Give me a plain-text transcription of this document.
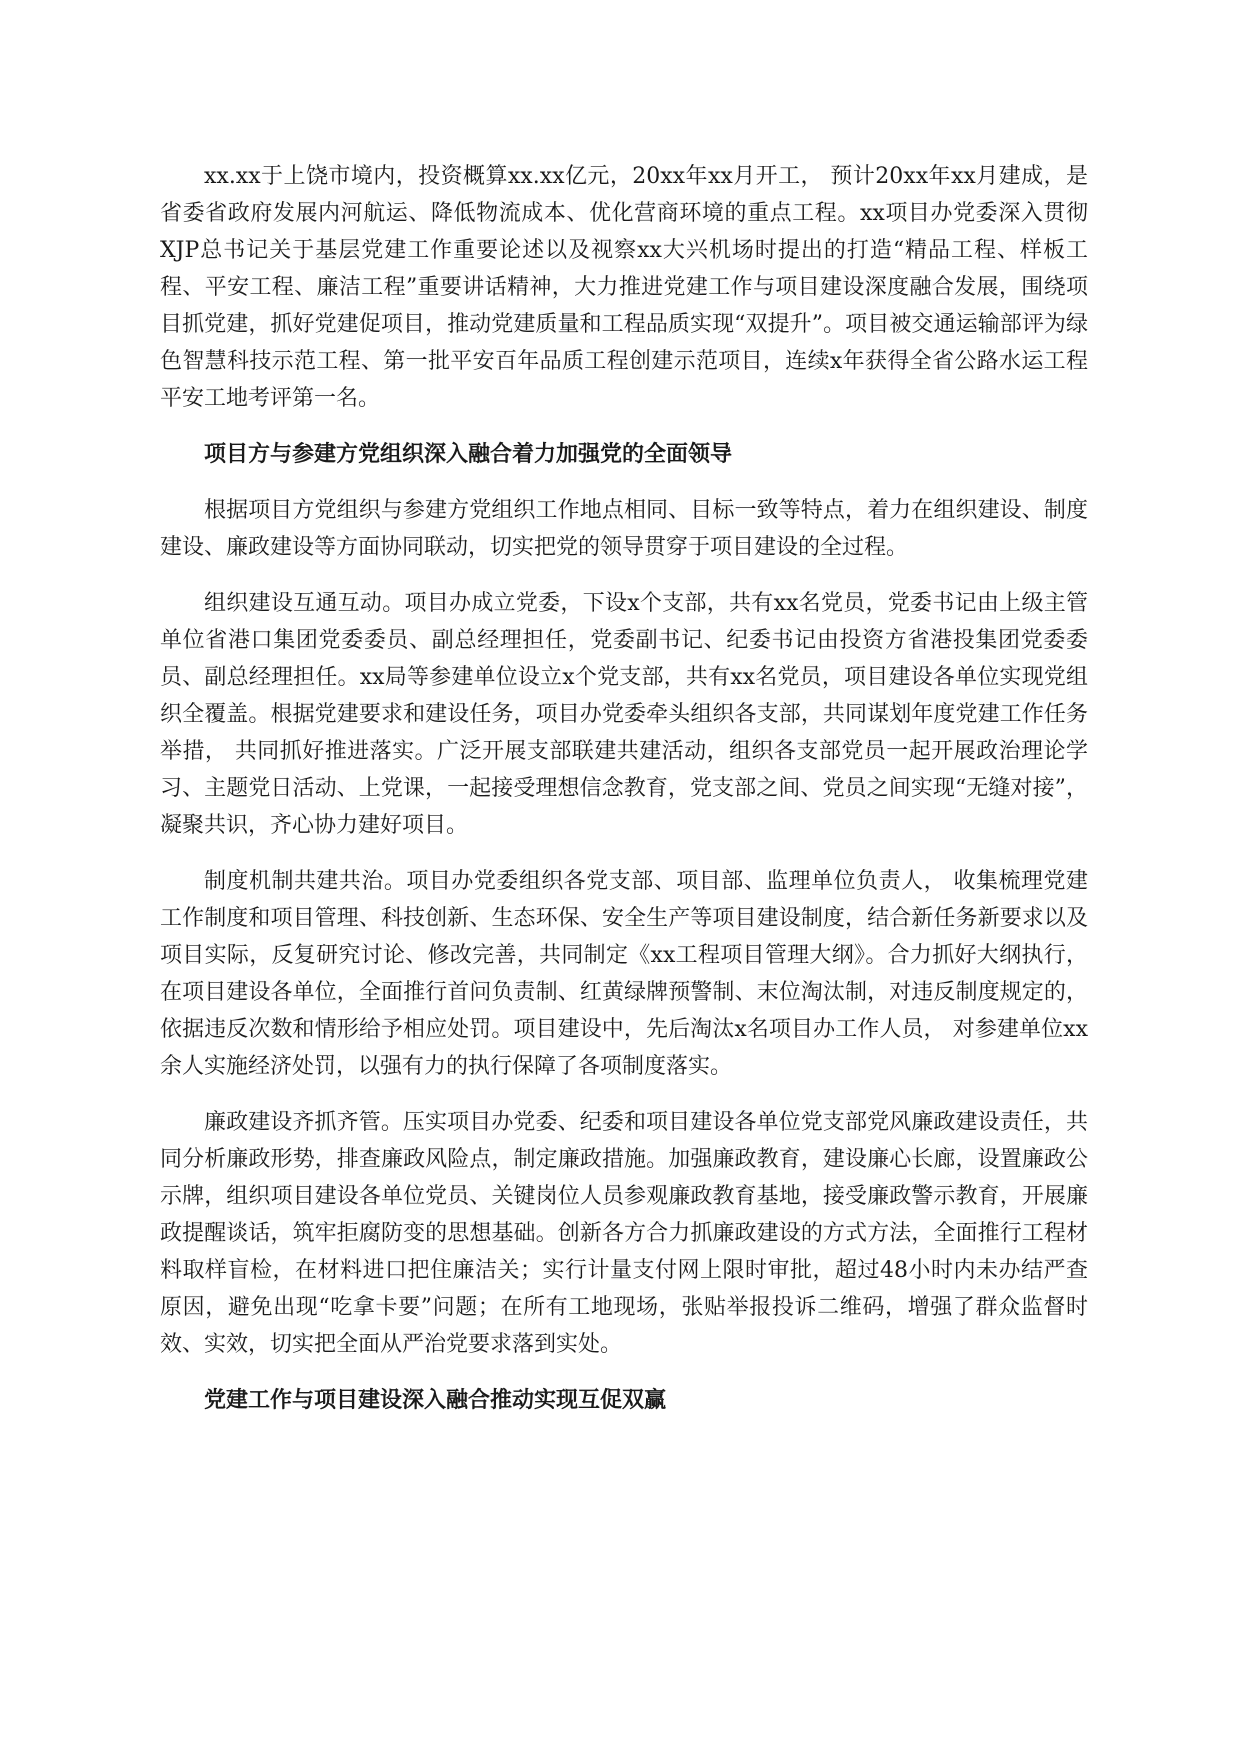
xx.xx于上饶市境内，投资概算xx.xx亿元，20xx年xx月开工， 预计20xx年xx月建成，是省委省政府发展内河航运、降低物流成本、优化营商环境的重点工程。xx项目办党委深入贯彻XJP总书记关于基层党建工作重要论述以及视察xx大兴机场时提出的打造“精品工程、样板工程、平安工程、廉洁工程”重要讲话精神，大力推进党建工作与项目建设深度融合发展，围绕项目抓党建，抓好党建促项目，推动党建质量和工程品质实现“双提升”。项目被交通运输部评为绿色智慧科技示范工程、第一批平安百年品质工程创建示范项目，连续x年获得全省公路水运工程平安工地考评第一名。

项目方与参建方党组织深入融合着力加强党的全面领导

根据项目方党组织与参建方党组织工作地点相同、目标一致等特点，着力在组织建设、制度建设、廉政建设等方面协同联动，切实把党的领导贯穿于项目建设的全过程。

组织建设互通互动。项目办成立党委，下设x个支部，共有xx名党员，党委书记由上级主管单位省港口集团党委委员、副总经理担任，党委副书记、纪委书记由投资方省港投集团党委委员、副总经理担任。xx局等参建单位设立x个党支部，共有xx名党员，项目建设各单位实现党组织全覆盖。根据党建要求和建设任务，项目办党委牵头组织各支部，共同谋划年度党建工作任务举措， 共同抓好推进落实。广泛开展支部联建共建活动，组织各支部党员一起开展政治理论学习、主题党日活动、上党课，一起接受理想信念教育，党支部之间、党员之间实现“无缝对接”，凝聚共识，齐心协力建好项目。

制度机制共建共治。项目办党委组织各党支部、项目部、监理单位负责人， 收集梳理党建工作制度和项目管理、科技创新、生态环保、安全生产等项目建设制度，结合新任务新要求以及项目实际，反复研究讨论、修改完善，共同制定《xx工程项目管理大纲》。合力抓好大纲执行，在项目建设各单位，全面推行首问负责制、红黄绿牌预警制、末位淘汰制，对违反制度规定的，依据违反次数和情形给予相应处罚。项目建设中，先后淘汰x名项目办工作人员， 对参建单位xx余人实施经济处罚，以强有力的执行保障了各项制度落实。

廉政建设齐抓齐管。压实项目办党委、纪委和项目建设各单位党支部党风廉政建设责任，共同分析廉政形势，排查廉政风险点，制定廉政措施。加强廉政教育，建设廉心长廊，设置廉政公示牌，组织项目建设各单位党员、关键岗位人员参观廉政教育基地，接受廉政警示教育，开展廉政提醒谈话，筑牢拒腐防变的思想基础。创新各方合力抓廉政建设的方式方法，全面推行工程材料取样盲检，在材料进口把住廉洁关；实行计量支付网上限时审批，超过48小时内未办结严查原因，避免出现“吃拿卡要”问题；在所有工地现场，张贴举报投诉二维码，增强了群众监督时效、实效，切实把全面从严治党要求落到实处。

党建工作与项目建设深入融合推动实现互促双赢
